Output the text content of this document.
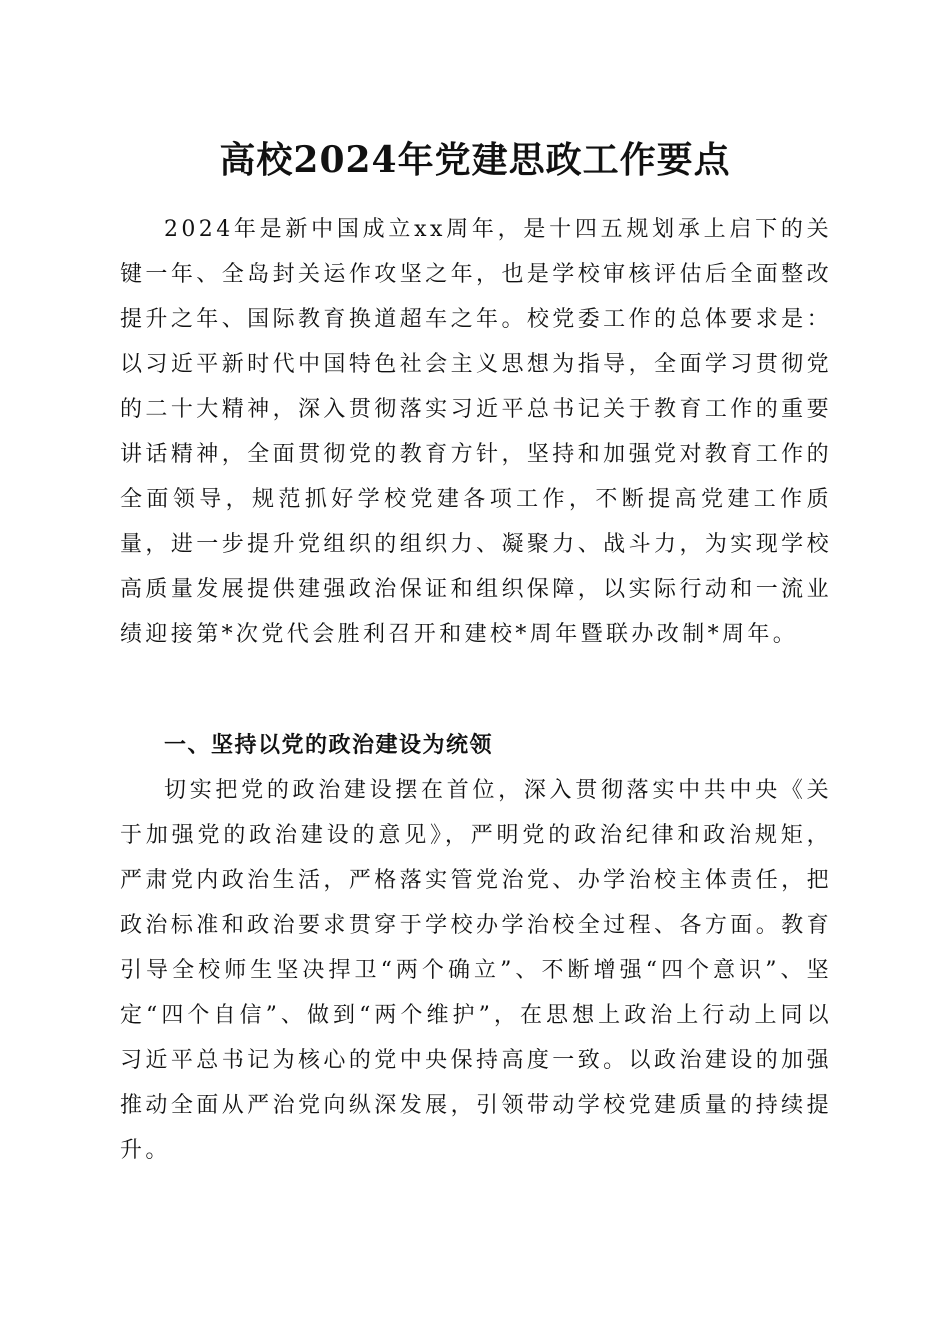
高校2024年党建思政工作要点

2024年是新中国成立xx周年，是十四五规划承上启下的关键一年、全岛封关运作攻坚之年，也是学校审核评估后全面整改提升之年、国际教育换道超车之年。校党委工作的总体要求是：以习近平新时代中国特色社会主义思想为指导，全面学习贯彻党的二十大精神，深入贯彻落实习近平总书记关于教育工作的重要讲话精神，全面贯彻党的教育方针，坚持和加强党对教育工作的全面领导，规范抓好学校党建各项工作，不断提高党建工作质量，进一步提升党组织的组织力、凝聚力、战斗力，为实现学校高质量发展提供建强政治保证和组织保障，以实际行动和一流业绩迎接第*次党代会胜利召开和建校*周年暨联办改制*周年。

一、坚持以党的政治建设为统领

切实把党的政治建设摆在首位，深入贯彻落实中共中央《关于加强党的政治建设的意见》，严明党的政治纪律和政治规矩，严肃党内政治生活，严格落实管党治党、办学治校主体责任，把政治标准和政治要求贯穿于学校办学治校全过程、各方面。教育引导全校师生坚决捍卫“两个确立”、不断增强“四个意识”、坚定“四个自信”、做到“两个维护”，在思想上政治上行动上同以习近平总书记为核心的党中央保持高度一致。以政治建设的加强推动全面从严治党向纵深发展，引领带动学校党建质量的持续提升。
